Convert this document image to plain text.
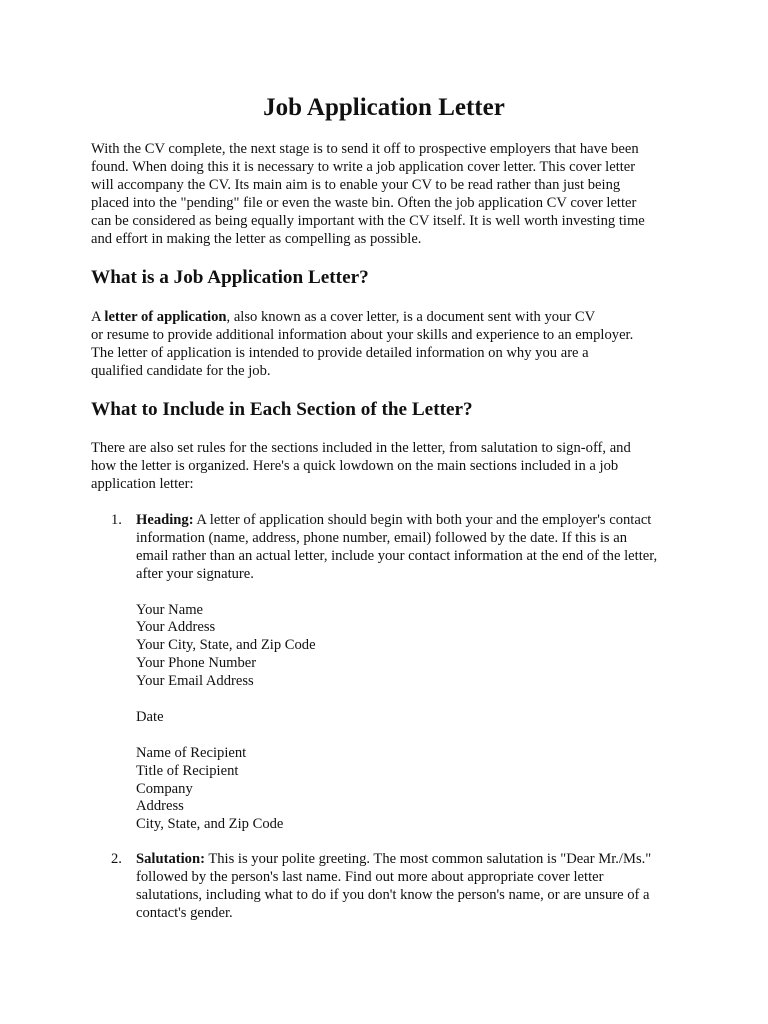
Job Application Letter

With the CV complete, the next stage is to send it off to prospective employers that have been
found. When doing this it is necessary to write a job application cover letter. This cover letter
will accompany the CV. Its main aim is to enable your CV to be read rather than just being
placed into the "pending" file or even the waste bin. Often the job application CV cover letter
can be considered as being equally important with the CV itself. It is well worth investing time
and effort in making the letter as compelling as possible.

What is a Job Application Letter?

A letter of application, also known as a cover letter, is a document sent with your CV
or resume to provide additional information about your skills and experience to an employer.
The letter of application is intended to provide detailed information on why you are a
qualified candidate for the job.

What to Include in Each Section of the Letter?

There are also set rules for the sections included in the letter, from salutation to sign-off, and
how the letter is organized. Here's a quick lowdown on the main sections included in a job
application letter:

1. Heading: A letter of application should begin with both your and the employer's contact
information (name, address, phone number, email) followed by the date. If this is an
email rather than an actual letter, include your contact information at the end of the letter,
after your signature.
Your Name
Your Address
Your City, State, and Zip Code
Your Phone Number
Your Email Address
Date
Name of Recipient
Title of Recipient
Company
Address
City, State, and Zip Code
2. Salutation: This is your polite greeting. The most common salutation is "Dear Mr./Ms."
followed by the person's last name. Find out more about appropriate cover letter
salutations, including what to do if you don't know the person's name, or are unsure of a
contact's gender.
